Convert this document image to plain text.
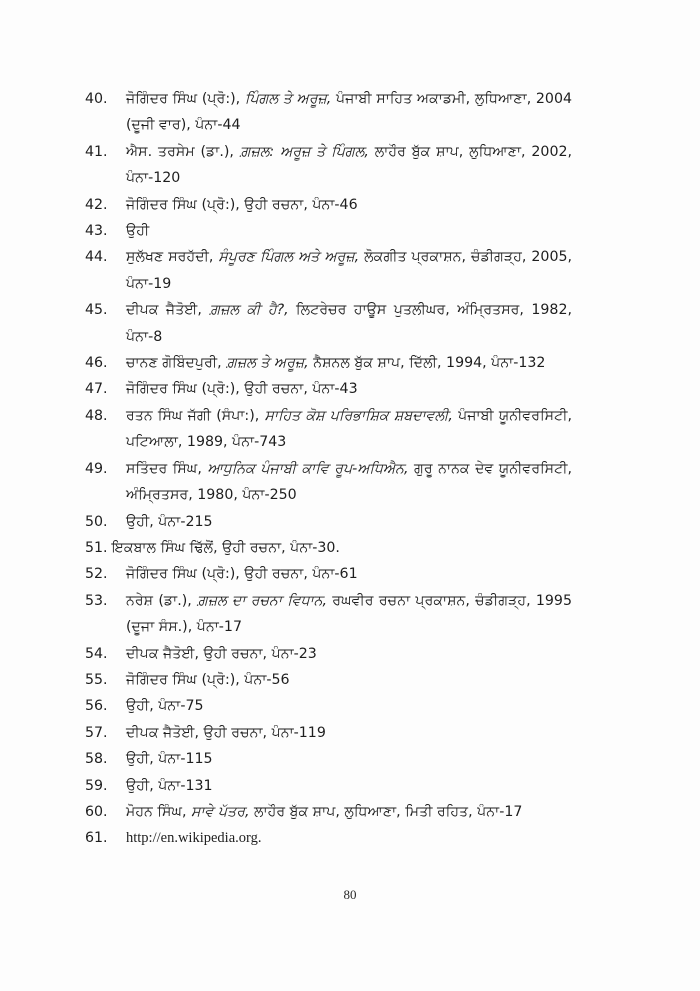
40.	ਜੋਗਿੰਦਰ ਸਿੰਘ (ਪ੍ਰੋ:), ਪਿੰਗਲ ਤੇ ਅਰੂਜ਼, ਪੰਜਾਬੀ ਸਾਹਿਤ ਅਕਾਡਮੀ, ਲੁਧਿਆਣਾ, 2004 (ਦੂਜੀ ਵਾਰ), ਪੰਨਾ-44
41.	ਐਸ. ਤਰਸੇਮ (ਡਾ.), ਗ਼ਜ਼ਲ: ਅਰੂਜ਼ ਤੇ ਪਿੰਗਲ, ਲਾਹੌਰ ਬੁੱਕ ਸ਼ਾਪ, ਲੁਧਿਆਣਾ, 2002, ਪੰਨਾ-120
42.	ਜੋਗਿੰਦਰ ਸਿੰਘ (ਪ੍ਰੋ:), ਉਹੀ ਰਚਨਾ, ਪੰਨਾ-46
43.	ਉਹੀ
44.	ਸੁਲੱਖਣ ਸਰਹੱਦੀ, ਸੰਪੂਰਣ ਪਿੰਗਲ ਅਤੇ ਅਰੂਜ਼, ਲੋਕਗੀਤ ਪ੍ਰਕਾਸ਼ਨ, ਚੰਡੀਗੜ੍ਹ, 2005, ਪੰਨਾ-19
45.	ਦੀਪਕ ਜੈਤੋਈ, ਗ਼ਜ਼ਲ ਕੀ ਹੈ?, ਲਿਟਰੇਚਰ ਹਾਊਸ ਪੁਤਲੀਘਰ, ਅੰਮ੍ਰਿਤਸਰ, 1982, ਪੰਨਾ-8
46.	ਚਾਨਣ ਗੋਬਿੰਦਪੁਰੀ, ਗ਼ਜ਼ਲ ਤੇ ਅਰੂਜ਼, ਨੈਸ਼ਨਲ ਬੁੱਕ ਸ਼ਾਪ, ਦਿੱਲੀ, 1994, ਪੰਨਾ-132
47.	ਜੋਗਿੰਦਰ ਸਿੰਘ (ਪ੍ਰੋ:), ਉਹੀ ਰਚਨਾ, ਪੰਨਾ-43
48.	ਰਤਨ ਸਿੰਘ ਜੱਗੀ (ਸੰਪਾ:), ਸਾਹਿਤ ਕੋਸ਼ ਪਰਿਭਾਸ਼ਿਕ ਸ਼ਬਦਾਵਲੀ, ਪੰਜਾਬੀ ਯੂਨੀਵਰਸਿਟੀ, ਪਟਿਆਲਾ, 1989, ਪੰਨਾ-743
49.	ਸਤਿੰਦਰ ਸਿੰਘ, ਆਧੁਨਿਕ ਪੰਜਾਬੀ ਕਾਵਿ ਰੂਪ-ਅਧਿਐਨ, ਗੁਰੂ ਨਾਨਕ ਦੇਵ ਯੂਨੀਵਰਸਿਟੀ, ਅੰਮ੍ਰਿਤਸਰ, 1980, ਪੰਨਾ-250
50.	ਉਹੀ, ਪੰਨਾ-215
51. ਇਕਬਾਲ ਸਿੰਘ ਢਿੱਲੋਂ, ਉਹੀ ਰਚਨਾ, ਪੰਨਾ-30.
52.	ਜੋਗਿੰਦਰ ਸਿੰਘ (ਪ੍ਰੋ:), ਉਹੀ ਰਚਨਾ, ਪੰਨਾ-61
53.	ਨਰੇਸ਼ (ਡਾ.), ਗ਼ਜ਼ਲ ਦਾ ਰਚਨਾ ਵਿਧਾਨ, ਰਘਵੀਰ ਰਚਨਾ ਪ੍ਰਕਾਸ਼ਨ, ਚੰਡੀਗੜ੍ਹ, 1995 (ਦੂਜਾ ਸੰਸ.), ਪੰਨਾ-17
54.	ਦੀਪਕ ਜੈਤੋਈ, ਉਹੀ ਰਚਨਾ, ਪੰਨਾ-23
55.	ਜੋਗਿੰਦਰ ਸਿੰਘ (ਪ੍ਰੋ:), ਪੰਨਾ-56
56.	ਉਹੀ, ਪੰਨਾ-75
57.	ਦੀਪਕ ਜੈਤੋਈ, ਉਹੀ ਰਚਨਾ, ਪੰਨਾ-119
58.	ਉਹੀ, ਪੰਨਾ-115
59.	ਉਹੀ, ਪੰਨਾ-131
60.	ਮੋਹਨ ਸਿੰਘ, ਸਾਵੇ ਪੱਤਰ, ਲਾਹੌਰ ਬੁੱਕ ਸ਼ਾਪ, ਲੁਧਿਆਣਾ, ਮਿਤੀ ਰਹਿਤ, ਪੰਨਾ-17
61.	http://en.wikipedia.org.
80
